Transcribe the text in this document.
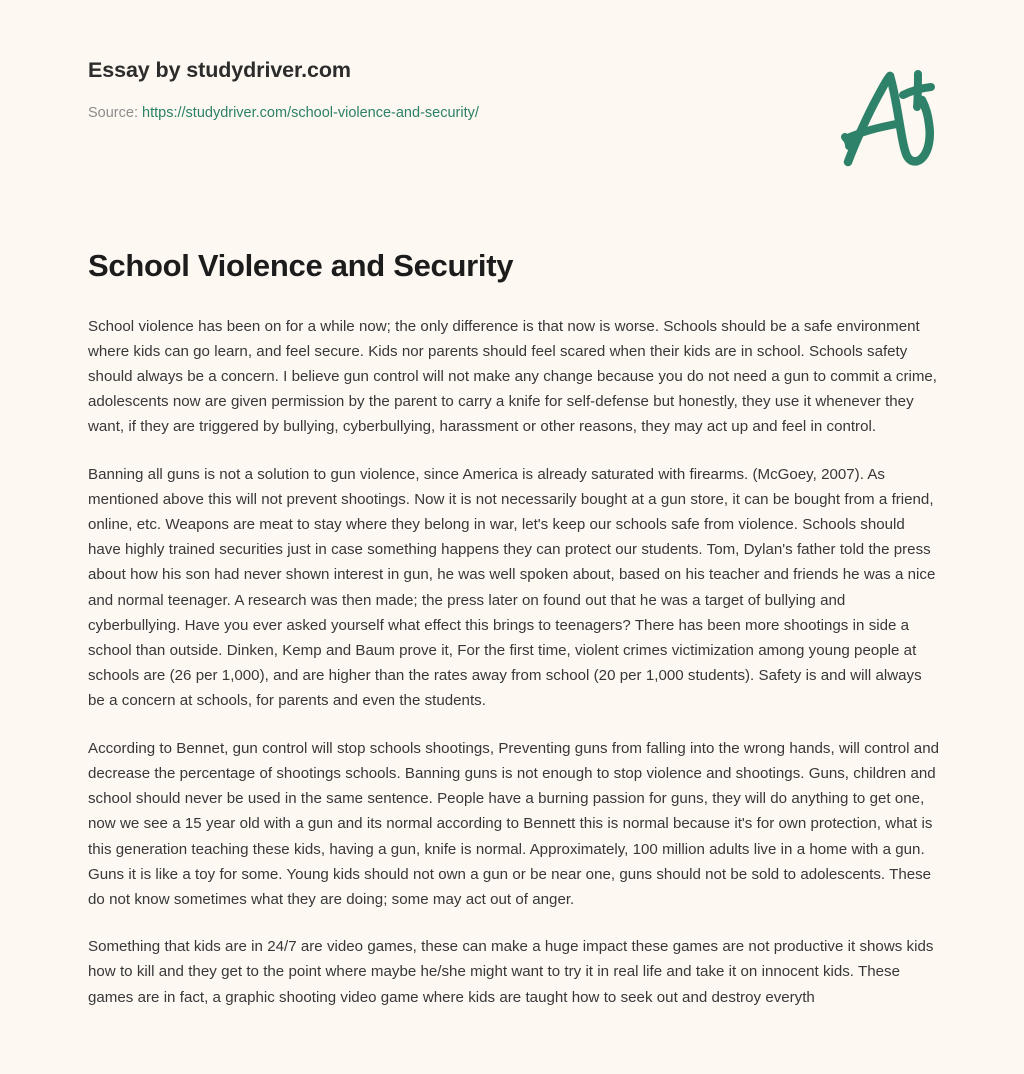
Essay by studydriver.com
Source: https://studydriver.com/school-violence-and-security/
School Violence and Security

School violence has been on for a while now; the only difference is that now is worse. Schools should be a safe environment where kids can go learn, and feel secure. Kids nor parents should feel scared when their kids are in school. Schools safety should always be a concern. I believe gun control will not make any change because you do not need a gun to commit a crime, adolescents now are given permission by the parent to carry a knife for self-defense but honestly, they use it whenever they want, if they are triggered by bullying, cyberbullying, harassment or other reasons, they may act up and feel in control.

Banning all guns is not a solution to gun violence, since America is already saturated with firearms. (McGoey, 2007). As mentioned above this will not prevent shootings. Now it is not necessarily bought at a gun store, it can be bought from a friend, online, etc. Weapons are meat to stay where they belong in war, let's keep our schools safe from violence. Schools should have highly trained securities just in case something happens they can protect our students. Tom, Dylan's father told the press about how his son had never shown interest in gun, he was well spoken about, based on his teacher and friends he was a nice and normal teenager. A research was then made; the press later on found out that he was a target of bullying and cyberbullying. Have you ever asked yourself what effect this brings to teenagers? There has been more shootings in side a school than outside. Dinken, Kemp and Baum prove it, For the first time, violent crimes victimization among young people at schools are (26 per 1,000), and are higher than the rates away from school (20 per 1,000 students). Safety is and will always be a concern at schools, for parents and even the students.

According to Bennet, gun control will stop schools shootings, Preventing guns from falling into the wrong hands, will control and decrease the percentage of shootings schools. Banning guns is not enough to stop violence and shootings. Guns, children and school should never be used in the same sentence. People have a burning passion for guns, they will do anything to get one, now we see a 15 year old with a gun and its normal according to Bennett this is normal because it's for own protection, what is this generation teaching these kids, having a gun, knife is normal. Approximately, 100 million adults live in a home with a gun. Guns it is like a toy for some. Young kids should not own a gun or be near one, guns should not be sold to adolescents. These do not know sometimes what they are doing; some may act out of anger.

Something that kids are in 24/7 are video games, these can make a huge impact these games are not productive it shows kids how to kill and they get to the point where maybe he/she might want to try it in real life and take it on innocent kids. These games are in fact, a graphic shooting video game where kids are taught how to seek out and destroy everyth
